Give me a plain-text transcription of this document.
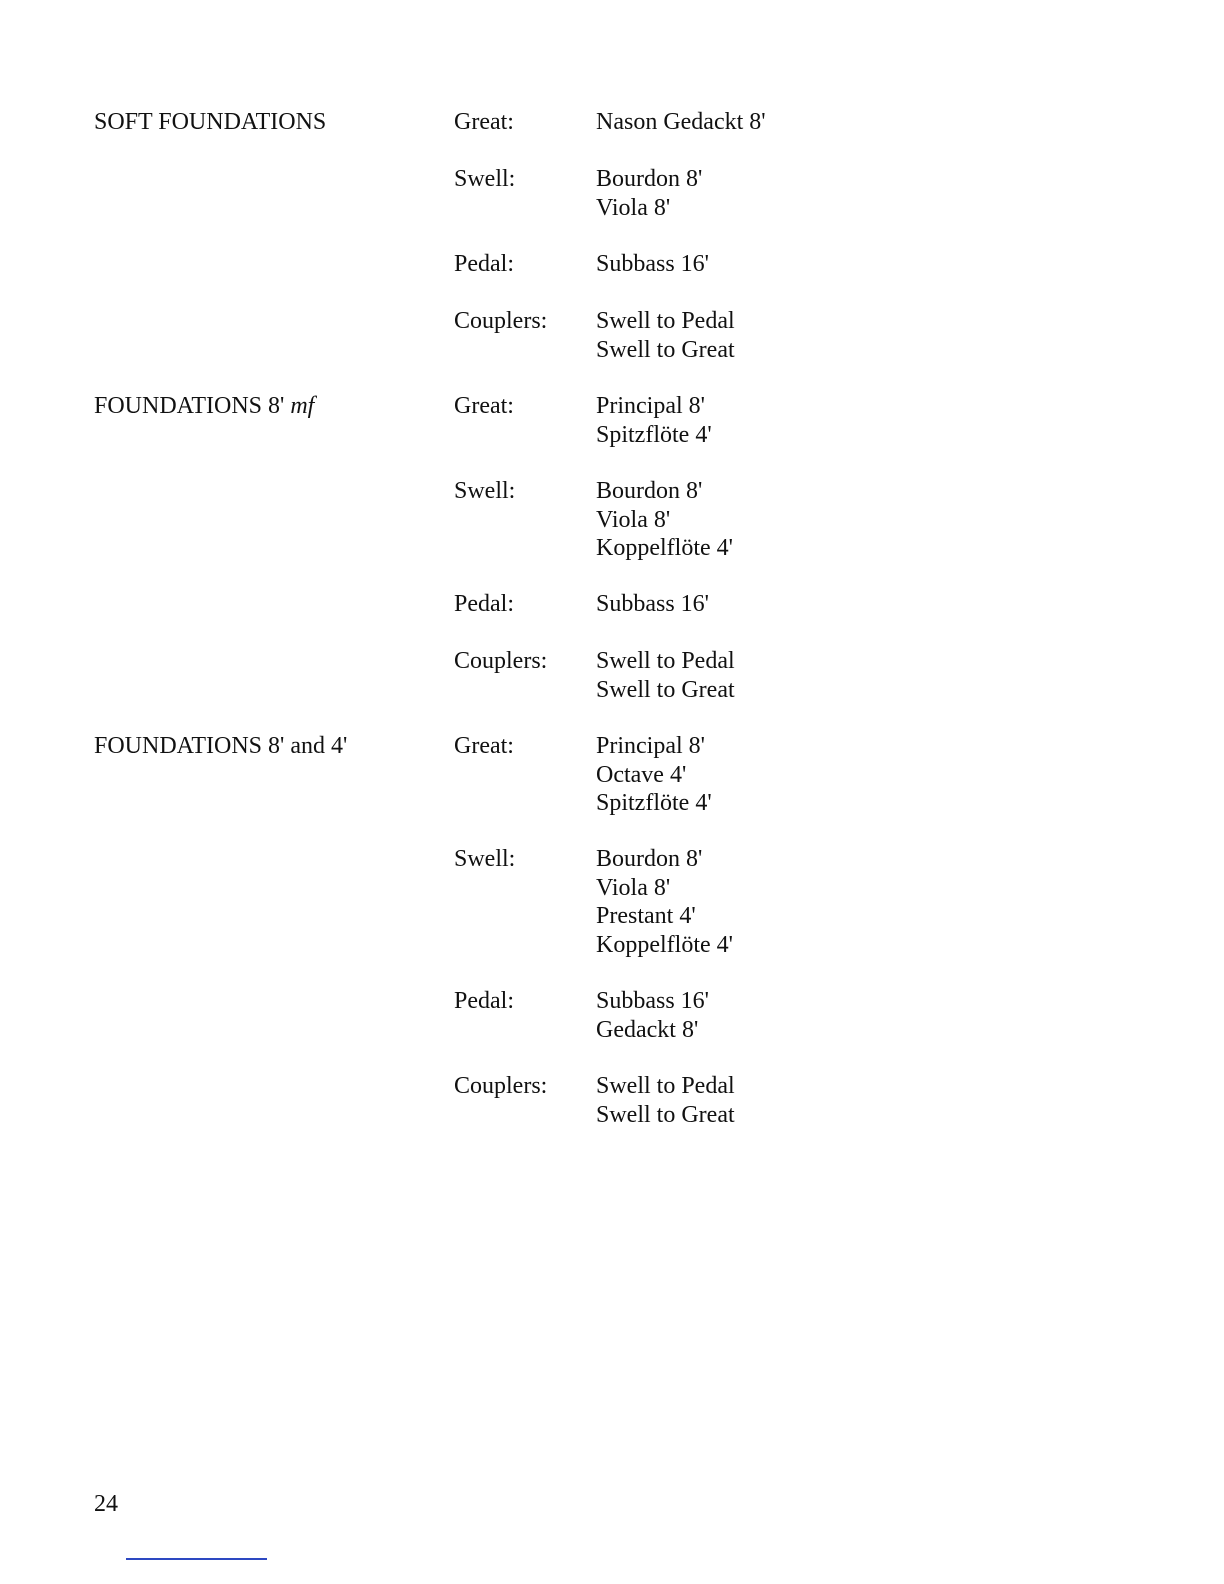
SOFT FOUNDATIONS	Great:	Nason Gedackt 8'
Swell:	Bourdon 8'
Viola 8'
Pedal:	Subbass 16'
Couplers: Swell to Pedal
Swell to Great
FOUNDATIONS 8' mf	Great:	Principal 8'
Spitzflöte 4'
Swell:	Bourdon 8'
Viola 8'
Koppelflöte 4'
Pedal:	Subbass 16'
Couplers: Swell to Pedal
Swell to Great
FOUNDATIONS 8' and 4'	Great:	Principal 8'
Octave 4'
Spitzflöte 4'
Swell:	Bourdon 8'
Viola 8'
Prestant 4'
Koppelflöte 4'
Pedal:	Subbass 16'
Gedackt 8'
Couplers: Swell to Pedal
Swell to Great
24
